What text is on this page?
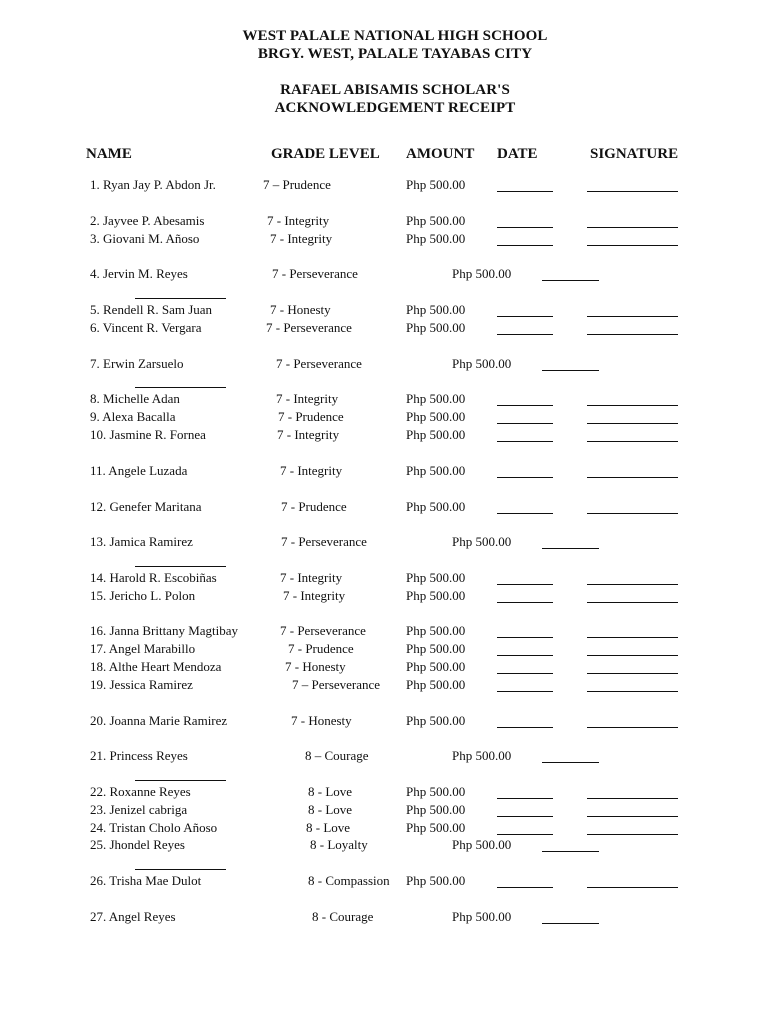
WEST PALALE NATIONAL HIGH SCHOOL
BRGY. WEST, PALALE TAYABAS CITY
RAFAEL ABISAMIS SCHOLAR'S
ACKNOWLEDGEMENT RECEIPT
NAME	GRADE LEVEL AMOUNT DATE	SIGNATURE
1. Ryan Jay P. Abdon Jr.	7 – Prudence	Php 500.00
2. Jayvee P. Abesamis	7 - Integrity	Php 500.00
3. Giovani M. Añoso	7 - Integrity	Php 500.00
4. Jervin M. Reyes	7 - Perseverance	Php 500.00
5. Rendell R. Sam Juan	7 - Honesty	Php 500.00
6. Vincent R. Vergara	7 - Perseverance	Php 500.00
7. Erwin Zarsuelo	7 - Perseverance	Php 500.00
8. Michelle Adan	7 - Integrity	Php 500.00
9. Alexa Bacalla	7 - Prudence	Php 500.00
10. Jasmine R. Fornea	7 - Integrity	Php 500.00
11. Angele Luzada	7 - Integrity	Php 500.00
12. Genefer Maritana	7 - Prudence	Php 500.00
13. Jamica Ramirez	7 - Perseverance	Php 500.00
14. Harold R. Escobiñas	7 - Integrity	Php 500.00
15. Jericho L. Polon	7 - Integrity	Php 500.00
16. Janna Brittany Magtibay	7 - Perseverance	Php 500.00
17. Angel Marabillo	7 - Prudence	Php 500.00
18. Althe Heart Mendoza	7 - Honesty	Php 500.00
19. Jessica Ramirez	7 – Perseverance Php 500.00
20. Joanna Marie Ramirez	7 - Honesty	Php 500.00
21. Princess Reyes	8 – Courage	Php 500.00
22. Roxanne Reyes	8 - Love	Php 500.00
23. Jenizel cabriga	8 - Love	Php 500.00
24. Tristan Cholo Añoso	8 - Love	Php 500.00
25. Jhondel Reyes	8 - Loyalty	Php 500.00
26. Trisha Mae Dulot	8 - Compassion Php 500.00
27. Angel Reyes	8 - Courage	Php 500.00
